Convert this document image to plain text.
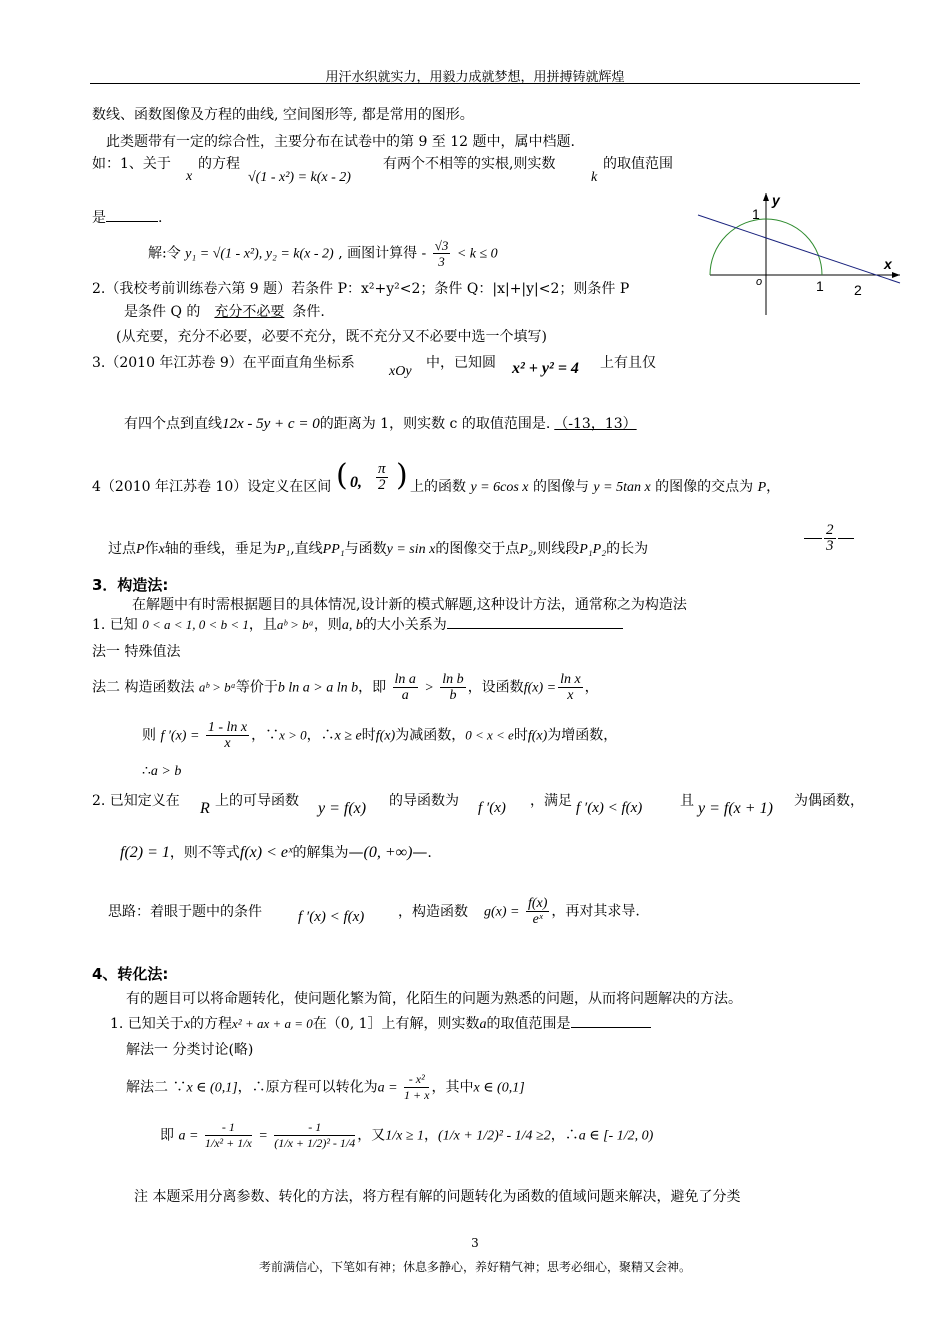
用汗水织就实力，用毅力成就梦想，用拼搏铸就辉煌
数线、函数图像及方程的曲线, 空间图形等, 都是常用的图形。
此类题带有一定的综合性，主要分布在试卷中的第 9 至 12 题中，属中档题.
如：1、关于
x
的方程
√(1 - x²) = k(x - 2)
有两个不相等的实根,则实数
k
的取值范围
是	.
解:令 y₁ = √(1 - x²), y₂ = k(x - 2) , 画图计算得 - $\frac{√3}{3} < k \le 0$
2.（我校考前训练卷六第 9 题）若条件 P：x²+y²<2；条件 Q：|x|+|y|<2；则条件 P
是条件 Q 的 充分不必要 条件.
(从充要，充分不必要，必要不充分，既不充分又不必要中选一个填写)
3.（2010 年江苏卷 9）在平面直角坐标系
xOy
中，已知圆 x² + y² = 4 上有且仅
有四个点到直线12x - 5y + c = 0的距离为 1，则实数 c 的取值范围是. （-13，13）
4（2010 年江苏卷 10）设定义在区间 ( 0, $\frac{\pi}{2}$ ) 上的函数 y = 6cos x 的图像与 y = 5tan x 的图像的交点为 P，
过点P作x轴的垂线，垂足为P₁,直线PP₁与函数y = sin x的图像交于点P₂,则线段P₁P₂的长为	$\frac{2}{3}$
3．构造法:
在解题中有时需根据题目的具体情况,设计新的模式解题,这种设计方法，通常称之为构造法
1. 已知 0 < a < 1, 0 < b < 1，且aᵇ > bᵃ，则a, b的大小关系为
法一 特殊值法
法二 构造函数法 aᵇ > bᵃ等价于b ln a > a ln b，即 $\frac{\text{ln a}}{a} > \frac{\text{ln b}}{b}$ ，设函数$f(x) = \frac{\text{ln x}}{x}$ ，
则 f $'(x) = \frac{\text{1 - ln x}}{x}$ ，∵x > 0，∴x ≥ e时f(x)为减函数，0 < x < e时f(x)为增函数，
∴a > b
2. 已知定义在 R 上的可导函数 y = f(x) 的导函数为 f ′(x) ，满足 f ′(x) < f(x)	且 y = f(x + 1) 为偶函数，
f(2) = 1，则不等式f(x) < eˣ的解集为—(0, +∞)—.
思路：着眼于题中的条件 f ′(x) < f(x) ，构造函数 $g(x) = \frac{f(x)}{\text{eˣ}}$ ，再对其求导.
4、转化法:
有的题目可以将命题转化，使问题化繁为简，化陌生的问题为熟悉的问题，从而将问题解决的方法。
1. 已知关于x的方程x² + ax + a = 0在（0, 1］上有解，则实数a的取值范围是
解法一 分类讨论(略)
解法二 ∵x ∈ (0,1]，∴原方程可以转化为$a = \frac{\text{- x²}}{1 + x}$ ，其中x ∈ (0,1]
即 $a = \frac{- 1}{\text{1/x² + 1/x}} = \frac{- 1}{\text{(1/x + 1/2)² - 1/4}}$ ，又1/x ≥ 1，(1/x + 1/2)² - 1/4 ≥2，∴a ∈ [- 1/2, 0)
注 本题采用分离参数、转化的方法，将方程有解的问题转化为函数的值域问题来解决，避免了分类
3
考前满信心，下笔如有神；休息多静心，养好精气神；思考必细心，聚精又会神。
y
x
1
o	1 2
